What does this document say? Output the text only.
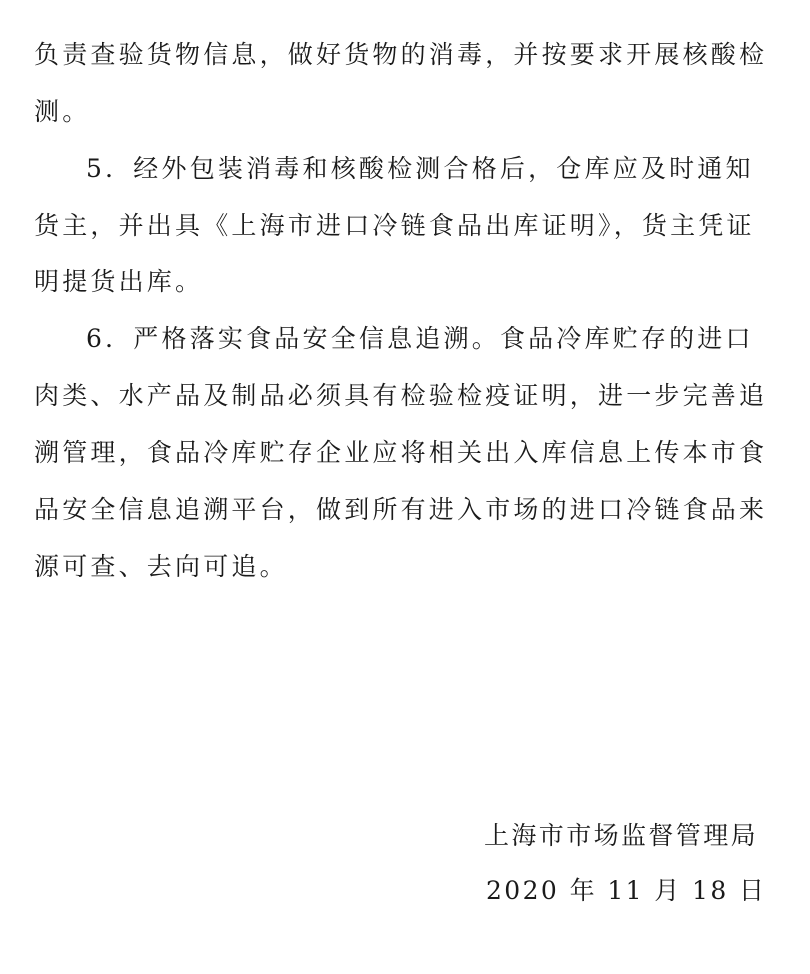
负责查验货物信息，做好货物的消毒，并按要求开展核酸检
测。
5．经外包装消毒和核酸检测合格后，仓库应及时通知
货主，并出具《上海市进口冷链食品出库证明》，货主凭证
明提货出库。
6．严格落实食品安全信息追溯。食品冷库贮存的进口
肉类、水产品及制品必须具有检验检疫证明，进一步完善追
溯管理，食品冷库贮存企业应将相关出入库信息上传本市食
品安全信息追溯平台，做到所有进入市场的进口冷链食品来
源可查、去向可追。
上海市市场监督管理局
2020 年 11 月 18 日
